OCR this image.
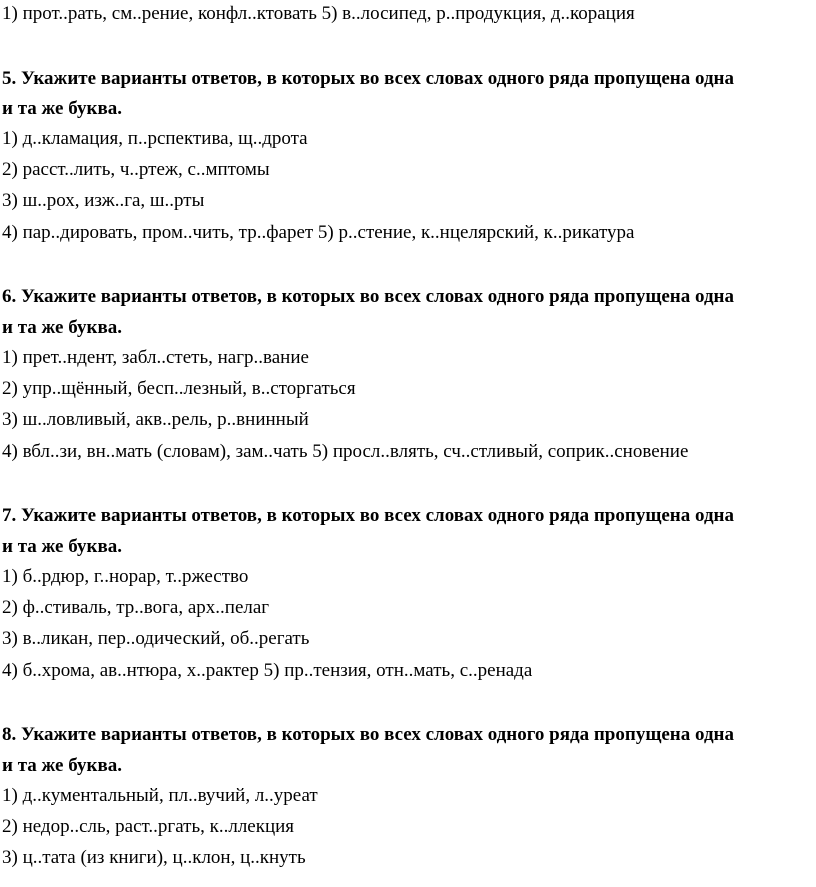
1) прот..рать, см..рение, конфл..ктовать 5) в..лосипед, р..продукция, д..корация
5. Укажите варианты ответов, в которых во всех словах одного ряда пропущена одна
и та же буква.
1) д..кламация, п..рспектива, щ..дрота
2) расст..лить, ч..ртеж, с..мптомы
3) ш..рох, изж..га, ш..рты
4) пар..дировать, пром..чить, тр..фарет 5) р..стение, к..нцелярский, к..рикатура
6. Укажите варианты ответов, в которых во всех словах одного ряда пропущена одна
и та же буква.
1) прет..ндент, забл..стеть, нагр..вание
2) упр..щённый, бесп..лезный, в..сторгаться
3) ш..ловливый, акв..рель, р..внинный
4) вбл..зи, вн..мать (словам), зам..чать 5) просл..влять, сч..стливый, соприк..сновение
7. Укажите варианты ответов, в которых во всех словах одного ряда пропущена одна
и та же буква.
1) б..рдюр, г..норар, т..ржество
2) ф..стиваль, тр..вога, арх..пелаг
3) в..ликан, пер..одический, об..регать
4) б..хрома, ав..нтюра, х..рактер 5) пр..тензия, отн..мать, с..ренада
8. Укажите варианты ответов, в которых во всех словах одного ряда пропущена одна
и та же буква.
1) д..кументальный, пл..вучий, л..уреат
2) недор..сль, раст..ргать, к..ллекция
3) ц..тата (из книги), ц..клон, ц..кнуть
